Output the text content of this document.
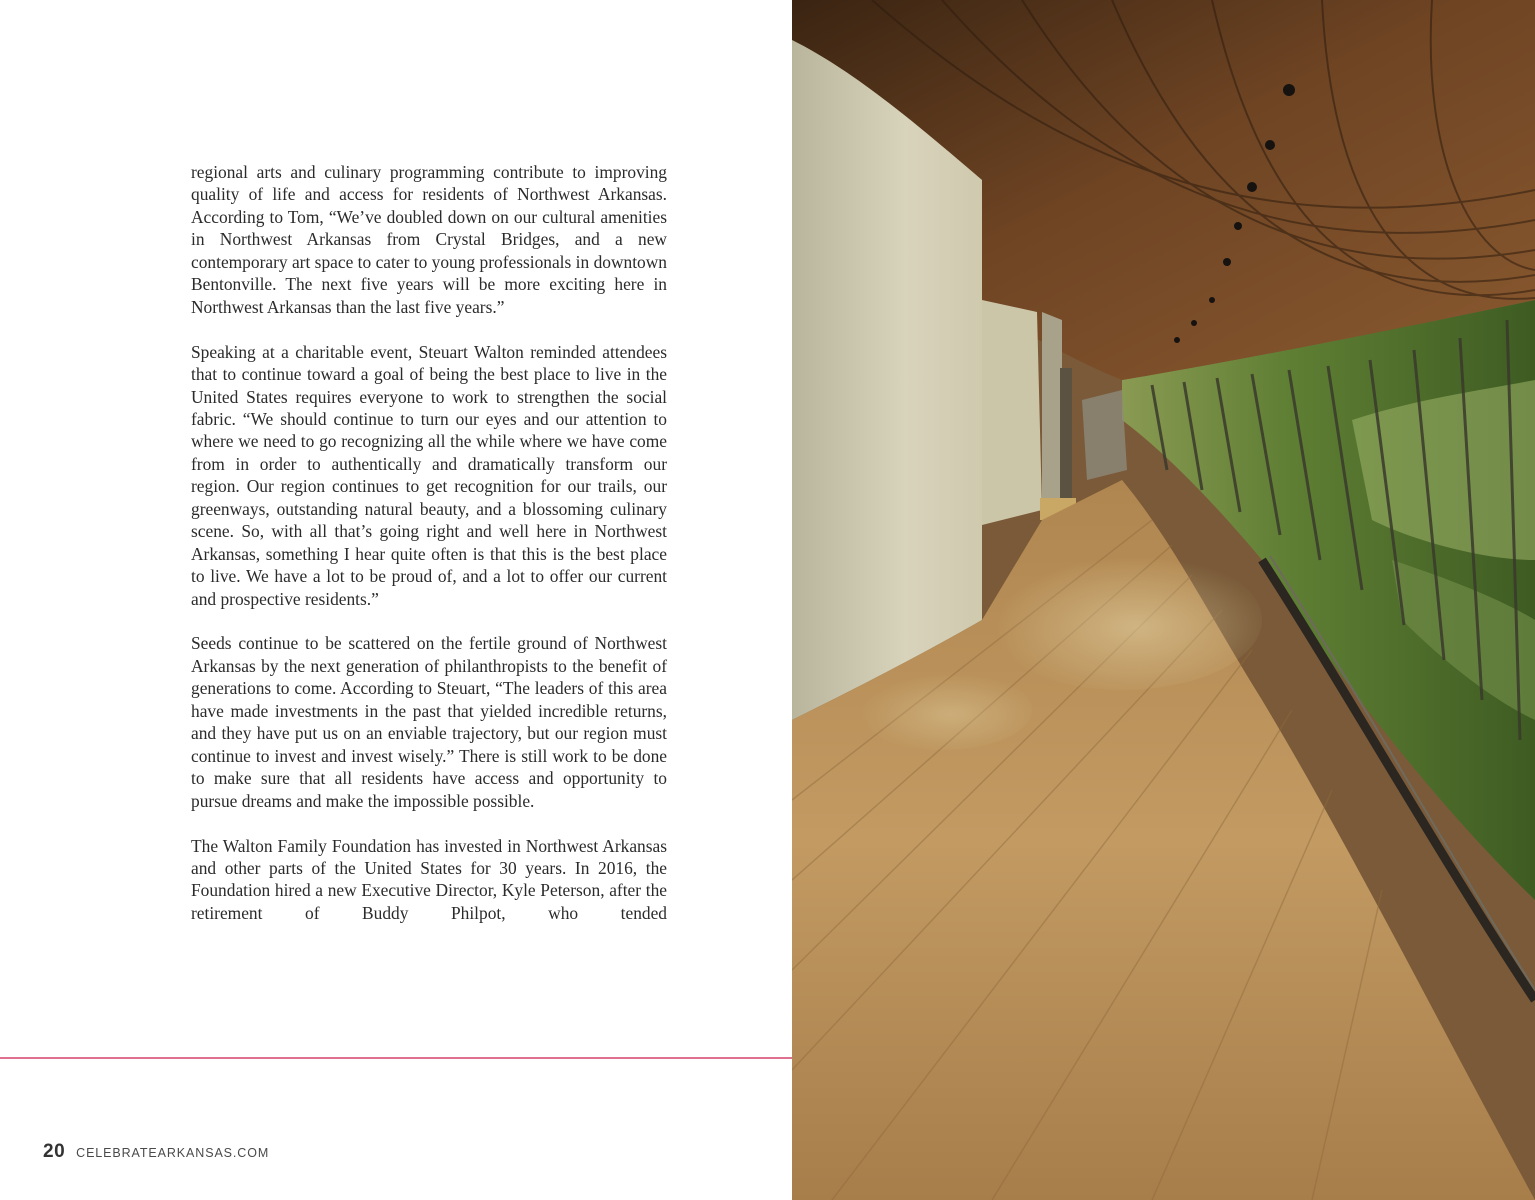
regional arts and culinary programming contribute to improving quality of life and access for residents of Northwest Arkansas. According to Tom, “We’ve doubled down on our cultural amenities in Northwest Arkansas from Crystal Bridges, and a new contemporary art space to cater to young professionals in downtown Bentonville. The next five years will be more exciting here in Northwest Arkansas than the last five years.”

Speaking at a charitable event, Steuart Walton reminded attendees that to continue toward a goal of being the best place to live in the United States requires everyone to work to strengthen the social fabric. “We should continue to turn our eyes and our attention to where we need to go recognizing all the while where we have come from in order to authentically and dramatically transform our region. Our region continues to get recognition for our trails, our greenways, outstanding natural beauty, and a blossoming culinary scene. So, with all that’s going right and well here in Northwest Arkansas, something I hear quite often is that this is the best place to live. We have a lot to be proud of, and a lot to offer our current and prospective residents.”

Seeds continue to be scattered on the fertile ground of Northwest Arkansas by the next generation of philanthropists to the benefit of generations to come. According to Steuart, “The leaders of this area have made investments in the past that yielded incredible returns, and they have put us on an enviable trajectory, but our region must continue to invest and invest wisely.” There is still work to be done to make sure that all residents have access and opportunity to pursue dreams and make the impossible possible.

The Walton Family Foundation has invested in Northwest Arkansas and other parts of the United States for 30 years. In 2016, the Foundation hired a new Executive Director, Kyle Peterson, after the retirement of Buddy Philpot, who tended

20 CELEBRATEARKANSAS.COM
